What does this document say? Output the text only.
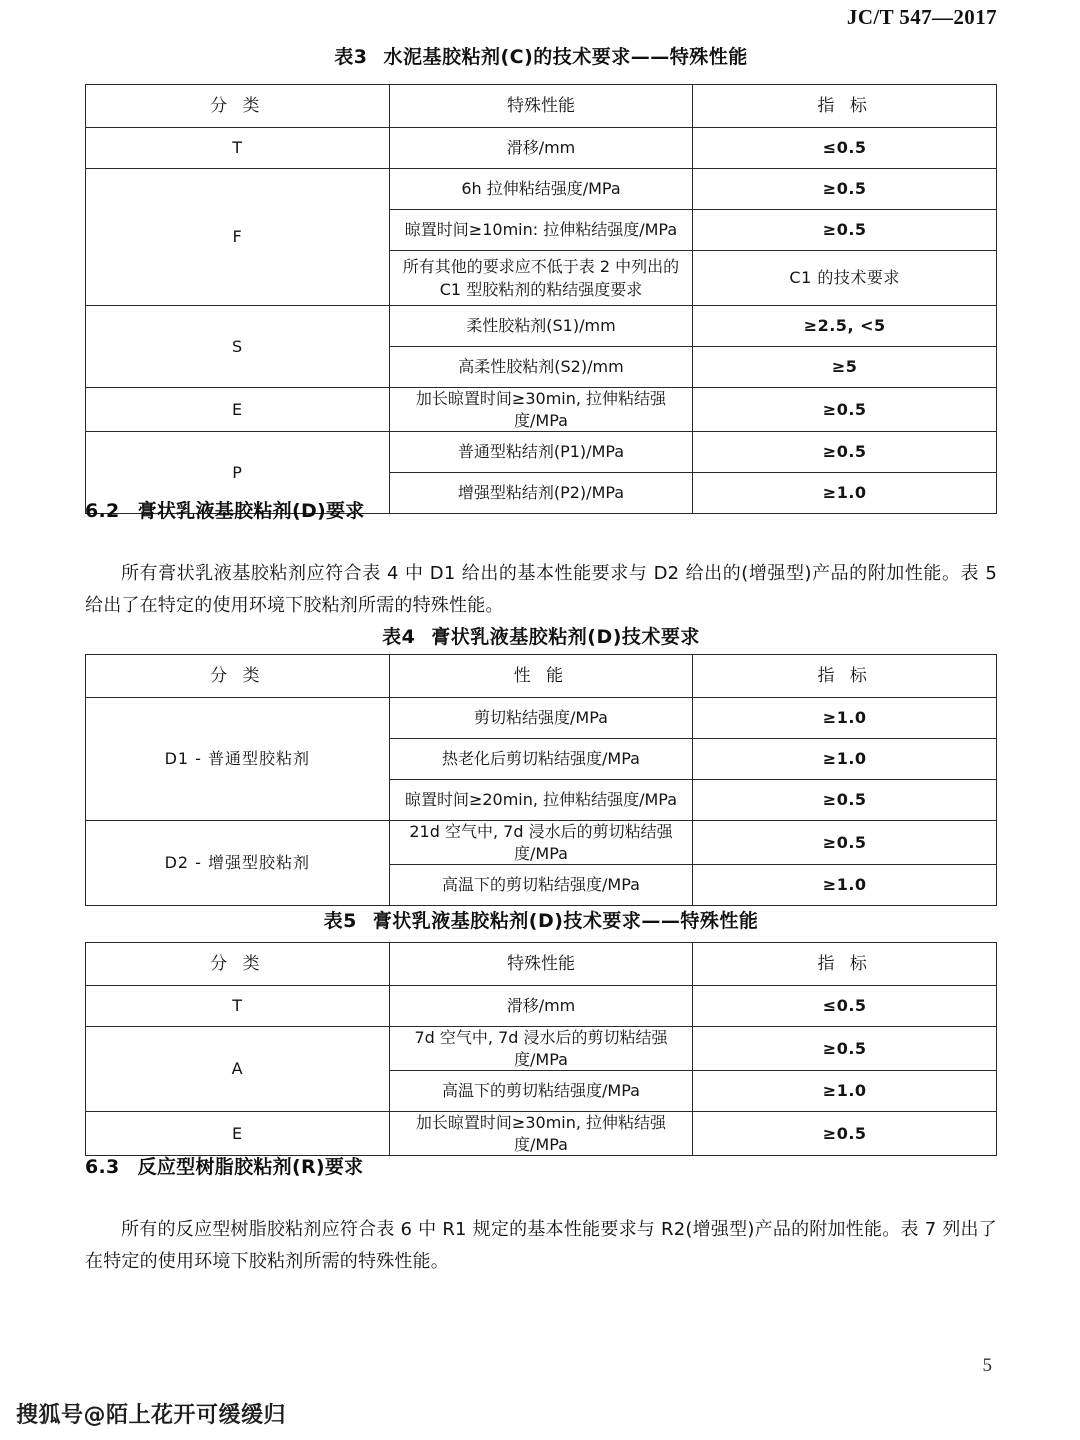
JC/T 547—2017
表3 水泥基胶粘剂(C)的技术要求——特殊性能
分 类	特殊性能	指 标
T	滑移/mm	≤0.5
F	6h 拉伸粘结强度/MPa	≥0.5
	晾置时间≥10min: 拉伸粘结强度/MPa	≥0.5
	所有其他的要求应不低于表 2 中列出的 C1 型胶粘剂的粘结强度要求	C1 的技术要求
S	柔性胶粘剂(S1)/mm	≥2.5, <5
	高柔性胶粘剂(S2)/mm	≥5
E	加长晾置时间≥30min, 拉伸粘结强度/MPa	≥0.5
P	普通型粘结剂(P1)/MPa	≥0.5
	增强型粘结剂(P2)/MPa	≥1.0
6.2 膏状乳液基胶粘剂(D)要求

所有膏状乳液基胶粘剂应符合表 4 中 D1 给出的基本性能要求与 D2 给出的(增强型)产品的附加性能。表 5 给出了在特定的使用环境下胶粘剂所需的特殊性能。

表4 膏状乳液基胶粘剂(D)技术要求
分 类	性 能	指 标
D1 - 普通型胶粘剂	剪切粘结强度/MPa	≥1.0
	热老化后剪切粘结强度/MPa	≥1.0
	晾置时间≥20min, 拉伸粘结强度/MPa	≥0.5
D2 - 增强型胶粘剂	21d 空气中, 7d 浸水后的剪切粘结强度/MPa	≥0.5
	高温下的剪切粘结强度/MPa	≥1.0
表5 膏状乳液基胶粘剂(D)技术要求——特殊性能
分 类	特殊性能	指 标
T	滑移/mm	≤0.5
A	7d 空气中, 7d 浸水后的剪切粘结强度/MPa	≥0.5
	高温下的剪切粘结强度/MPa	≥1.0
E	加长晾置时间≥30min, 拉伸粘结强度/MPa	≥0.5
6.3 反应型树脂胶粘剂(R)要求

所有的反应型树脂胶粘剂应符合表 6 中 R1 规定的基本性能要求与 R2(增强型)产品的附加性能。表 7 列出了在特定的使用环境下胶粘剂所需的特殊性能。

5
搜狐号@陌上花开可缓缓归
